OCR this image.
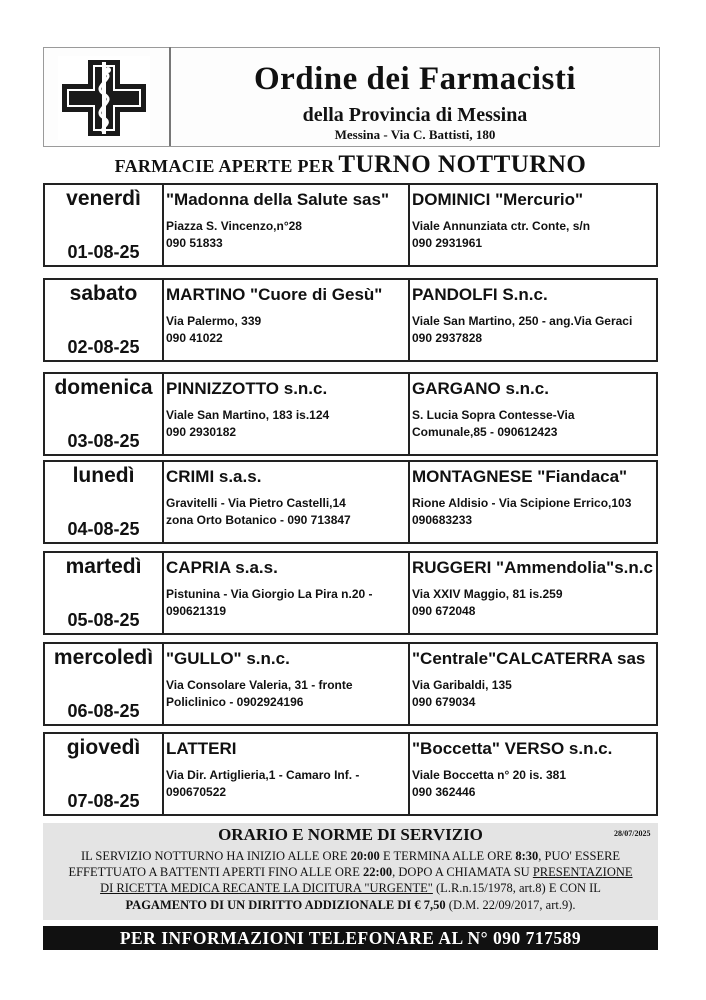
Ordine dei Farmacisti
della Provincia di Messina
Messina - Via C. Battisti, 180
FARMACIE APERTE PER TURNO NOTTURNO
venerdì
01-08-25
"Madonna della Salute sas"
Piazza S. Vincenzo,n°28
090 51833
DOMINICI "Mercurio"
Viale Annunziata ctr. Conte, s/n
090 2931961
sabato
02-08-25
MARTINO "Cuore di Gesù"
Via Palermo, 339
090 41022
PANDOLFI S.n.c.
Viale San Martino, 250 - ang.Via Geraci
090 2937828
domenica
03-08-25
PINNIZZOTTO s.n.c.
Viale San Martino, 183 is.124
090 2930182
GARGANO s.n.c.
S. Lucia Sopra Contesse-Via
Comunale,85 - 090612423
lunedì
04-08-25
CRIMI s.a.s.
Gravitelli - Via Pietro Castelli,14
zona Orto Botanico - 090 713847
MONTAGNESE "Fiandaca"
Rione Aldisio - Via Scipione Errico,103
090683233
martedì
05-08-25
CAPRIA s.a.s.
Pistunina - Via Giorgio La Pira n.20 -
090621319
RUGGERI "Ammendolia"s.n.c
Via XXIV Maggio, 81 is.259
090 672048
mercoledì
06-08-25
"GULLO" s.n.c.
Via Consolare Valeria, 31 - fronte
Policlinico - 0902924196
"Centrale"CALCATERRA sas
Via Garibaldi, 135
090 679034
giovedì
07-08-25
LATTERI
Via Dir. Artiglieria,1 - Camaro Inf. -
090670522
"Boccetta" VERSO s.n.c.
Viale Boccetta n° 20 is. 381
090 362446
ORARIO E NORME DI SERVIZIO	28/07/2025
IL SERVIZIO NOTTURNO HA INIZIO ALLE ORE 20:00 E TERMINA ALLE ORE 8:30, PUO' ESSERE
EFFETTUATO A BATTENTI APERTI FINO ALLE ORE 22:00, DOPO A CHIAMATA SU PRESENTAZIONE
DI RICETTA MEDICA RECANTE LA DICITURA "URGENTE" (L.R.n.15/1978, art.8) E CON IL
PAGAMENTO DI UN DIRITTO ADDIZIONALE DI € 7,50 (D.M. 22/09/2017, art.9).
PER INFORMAZIONI TELEFONARE AL N° 090 717589
